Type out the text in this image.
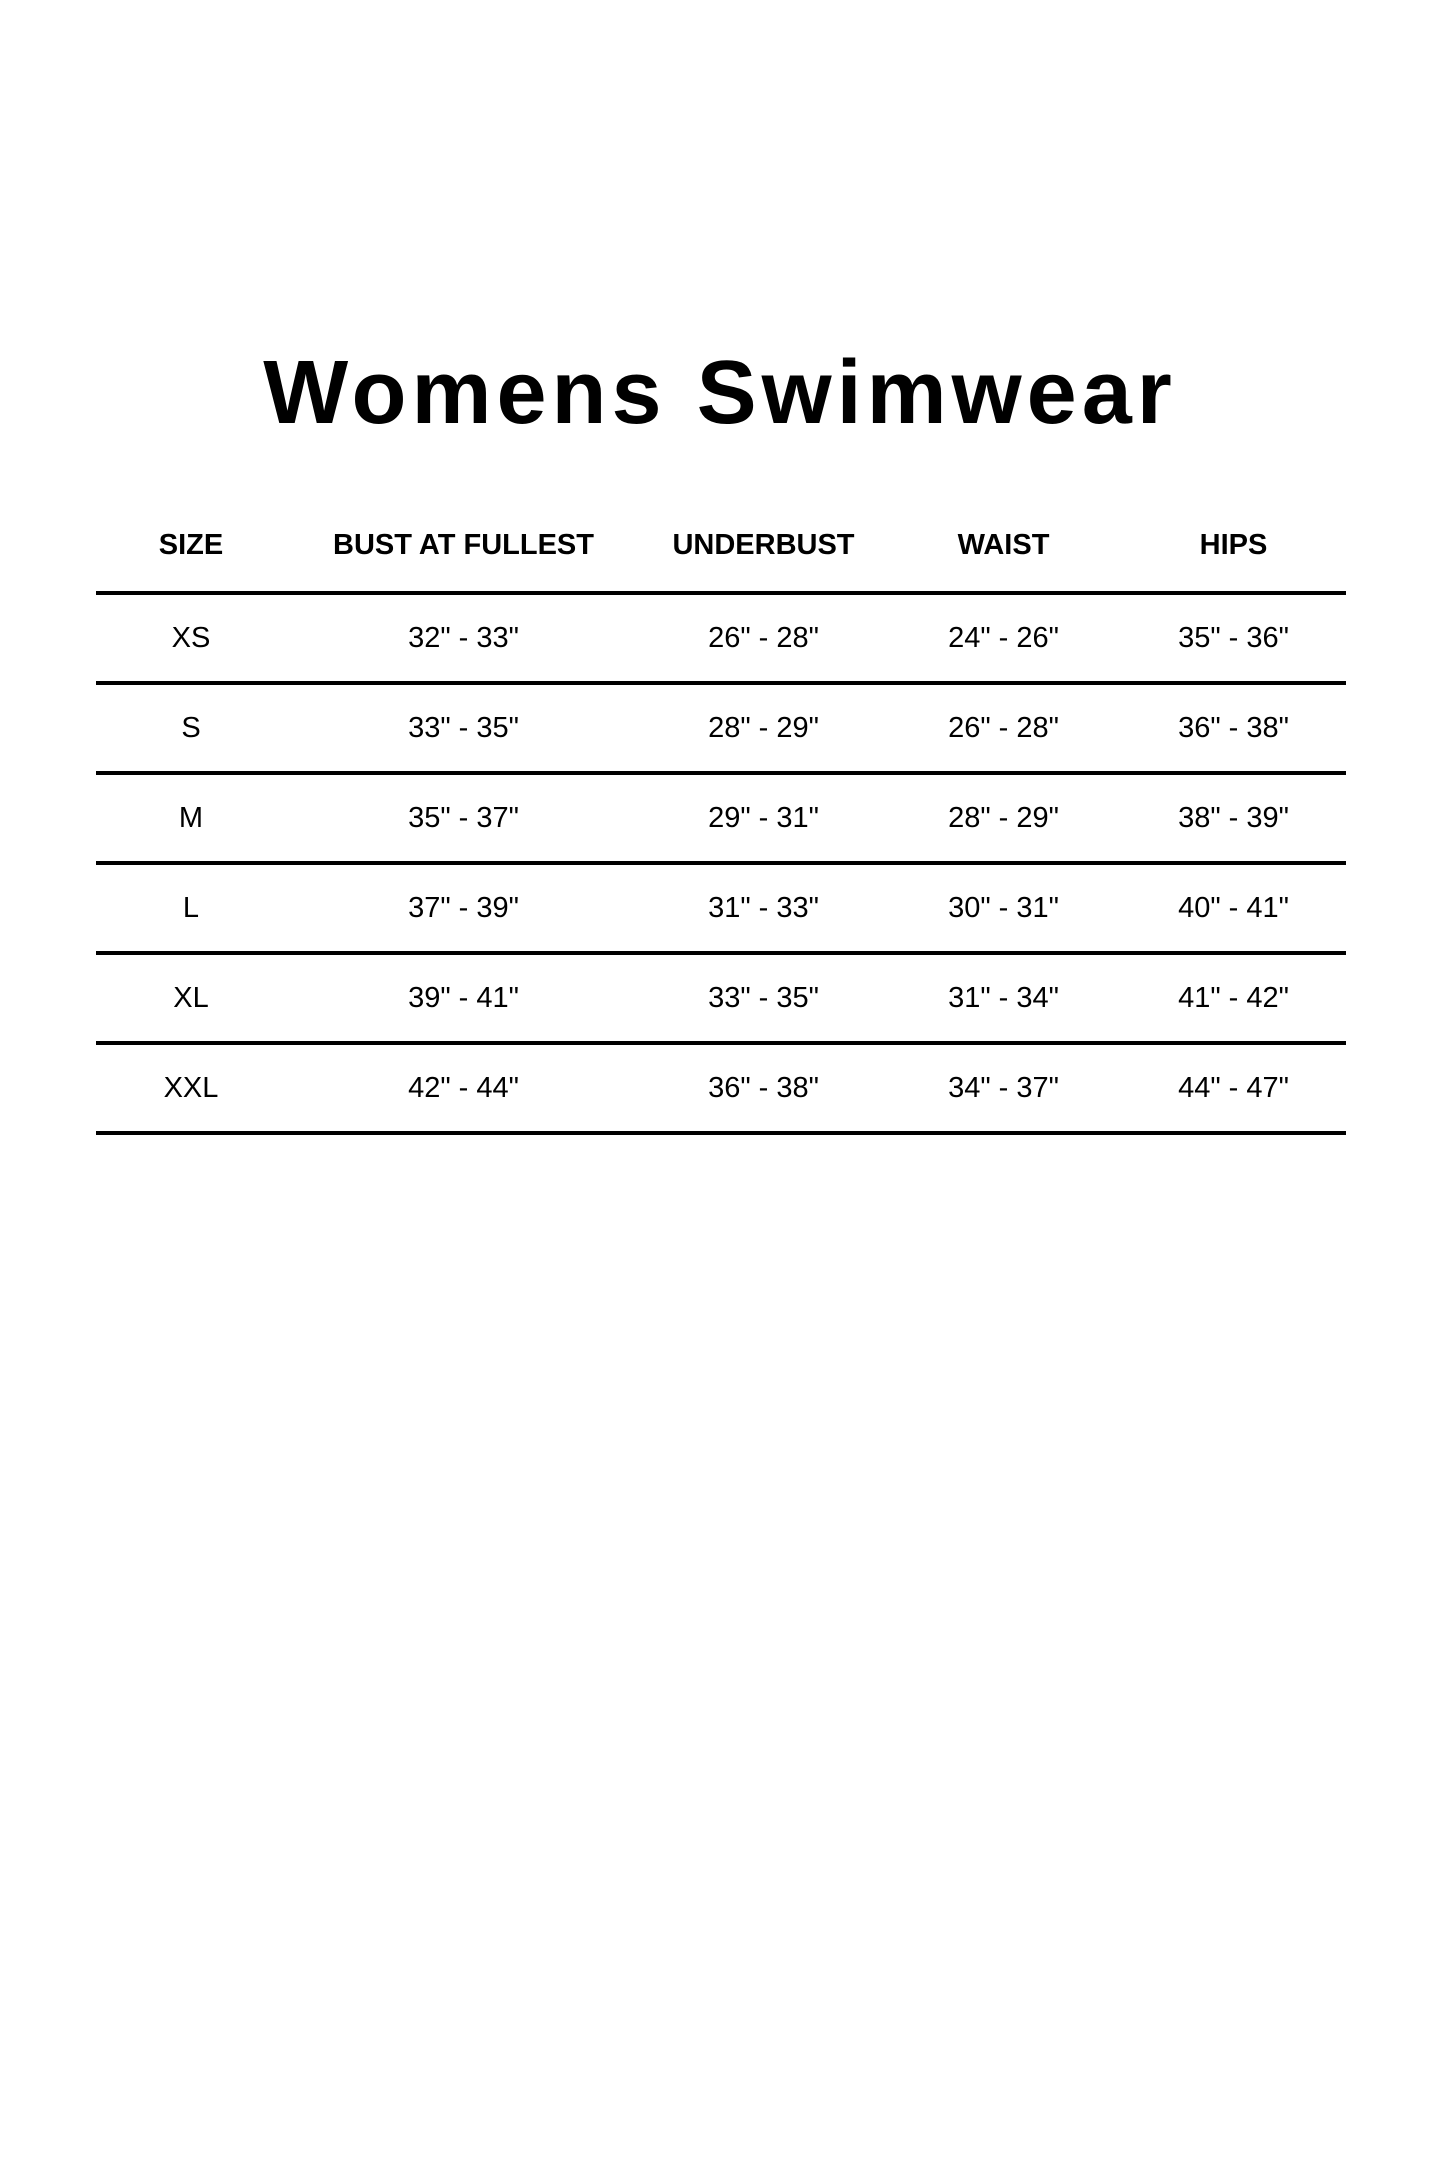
Womens Swimwear
SIZE	BUST AT FULLEST	UNDERBUST	WAIST	HIPS
XS	32" - 33"	26" - 28"	24" - 26"	35" - 36"
S	33" - 35"	28" - 29"	26" - 28"	36" - 38"
M	35" - 37"	29" - 31"	28" - 29"	38" - 39"
L	37" - 39"	31" - 33"	30" - 31"	40" - 41"
XL	39" - 41"	33" - 35"	31" - 34"	41" - 42"
XXL	42" - 44"	36" - 38"	34" - 37"	44" - 47"
